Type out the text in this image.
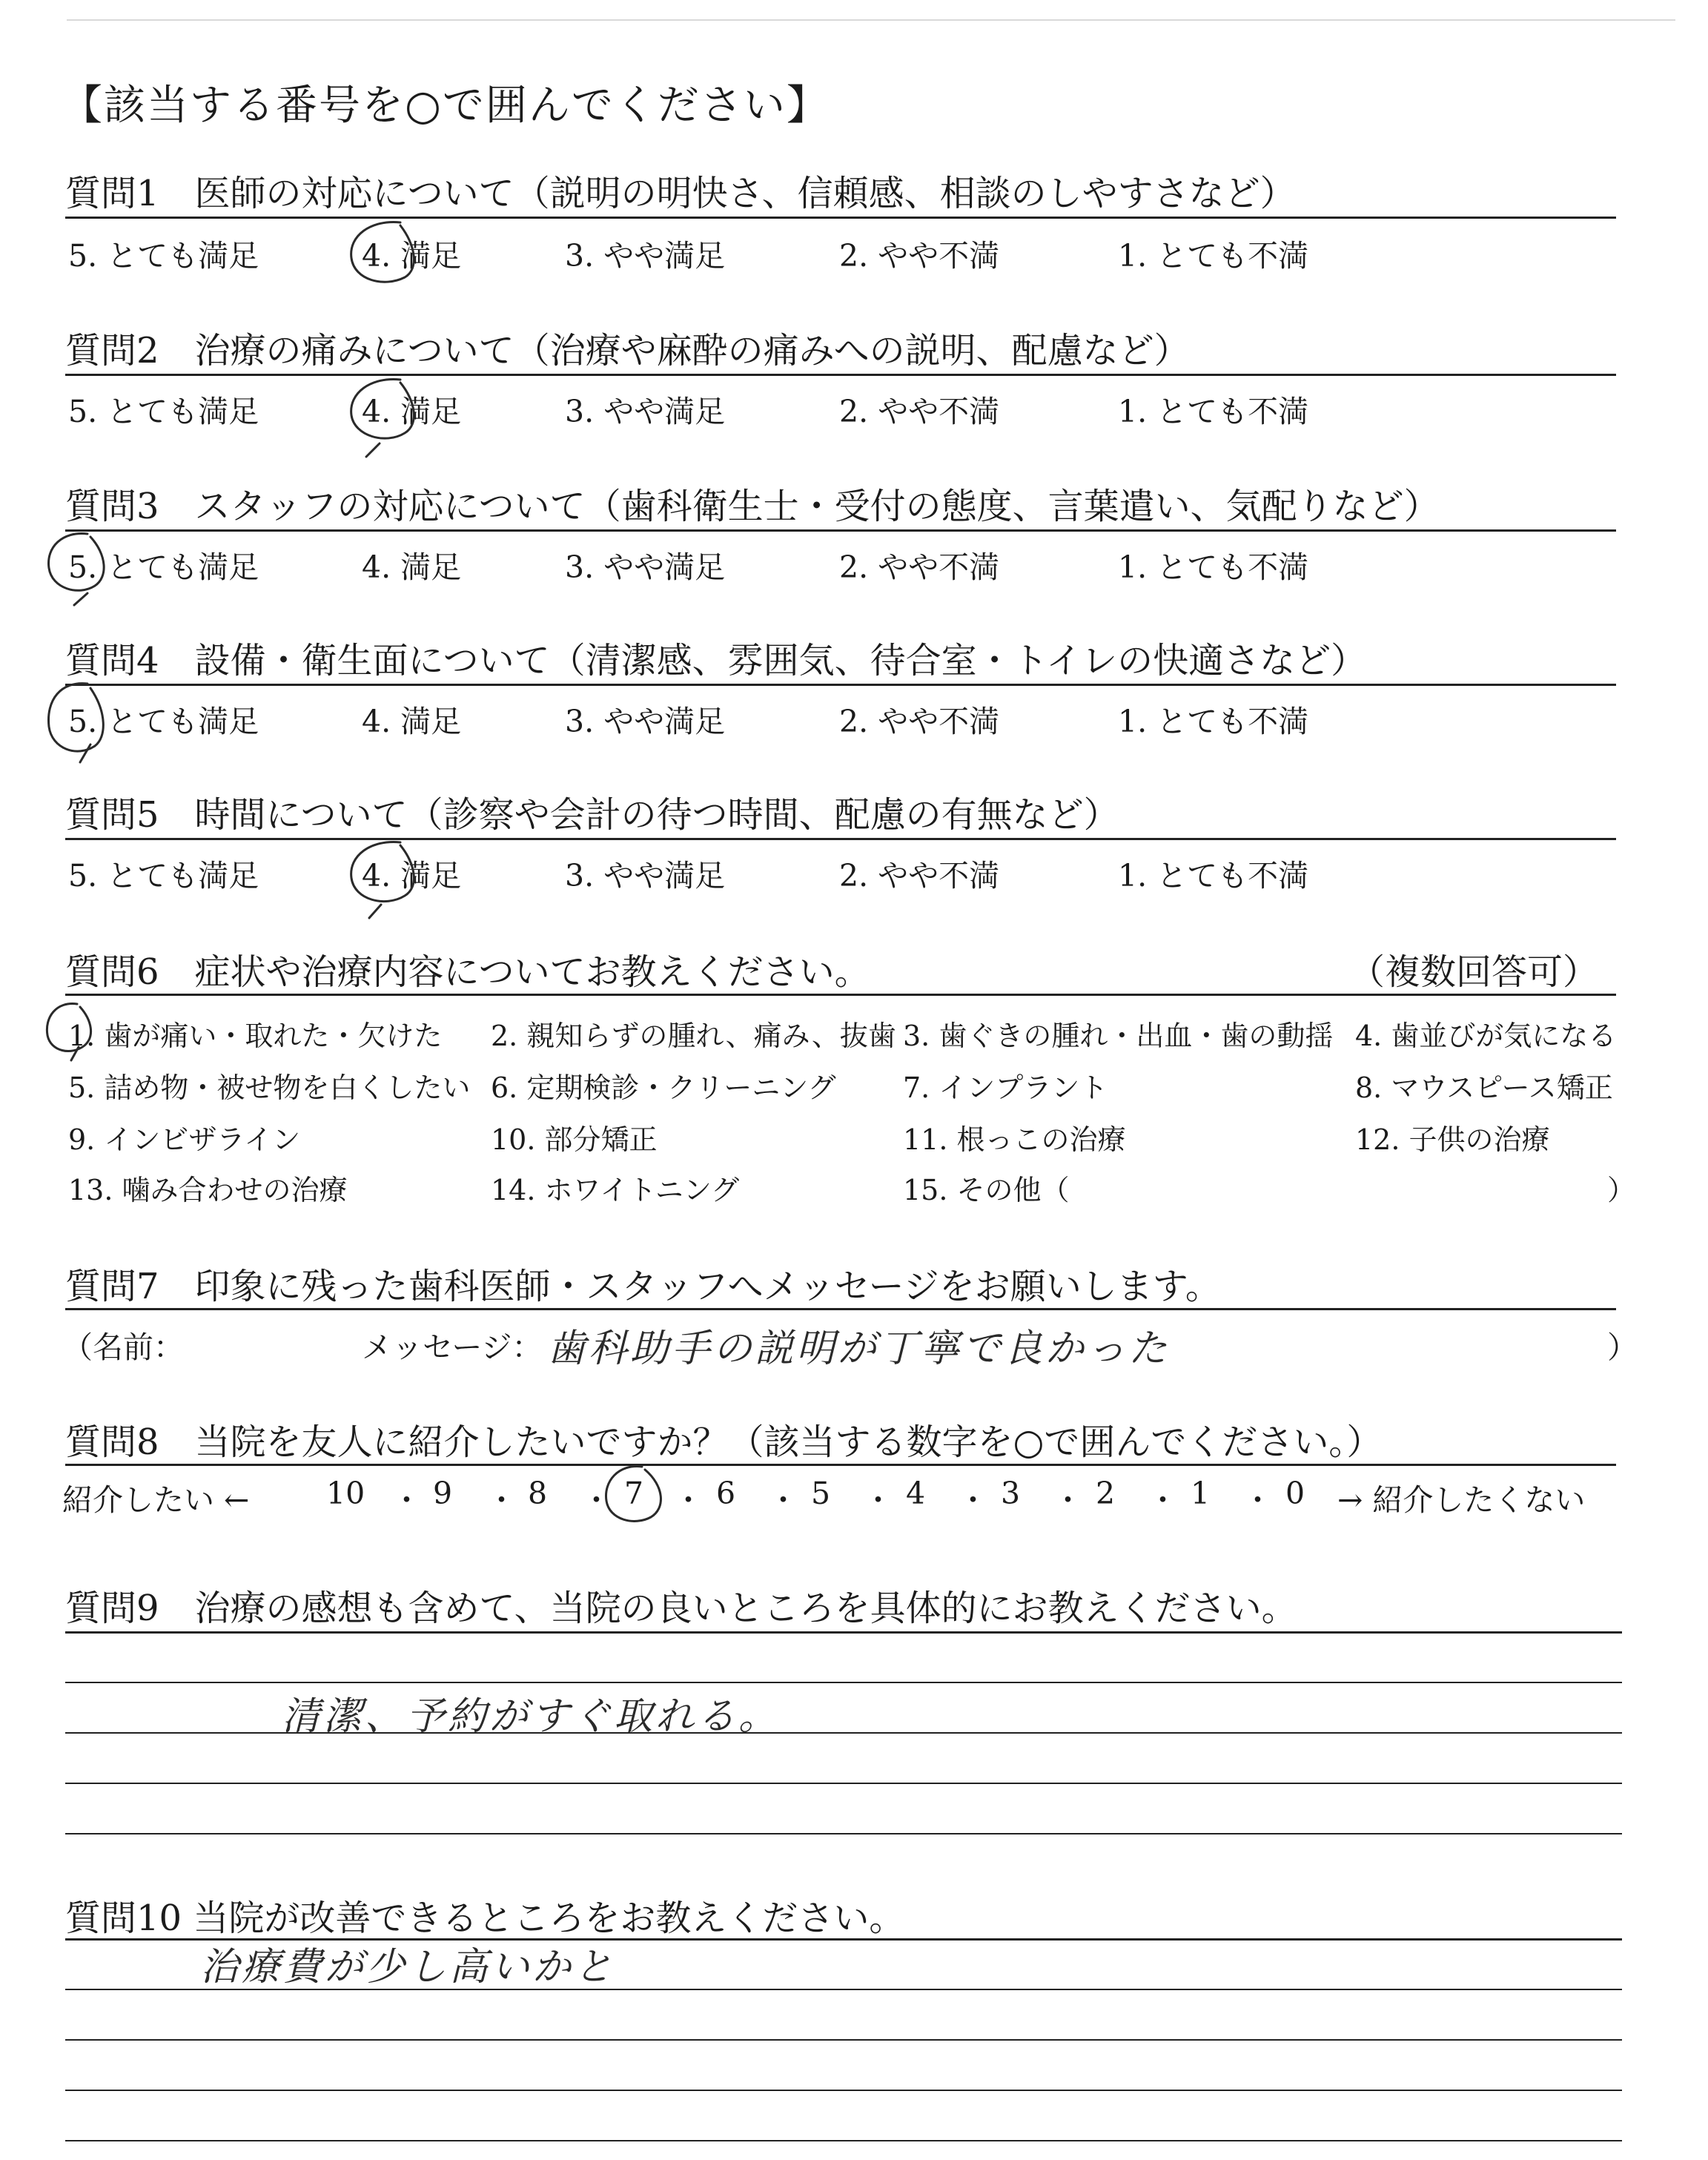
【該当する番号を○で囲んでください】
質問1　医師の対応について（説明の明快さ、信頼感、相談のしやすさなど）
5. とても満足	4. 満足	3. やや満足	2. やや不満	1. とても不満
質問2　治療の痛みについて（治療や麻酔の痛みへの説明、配慮など）
5. とても満足	4. 満足	3. やや満足	2. やや不満	1. とても不満
質問3　スタッフの対応について（歯科衛生士・受付の態度、言葉遣い、気配りなど）
5. とても満足	4. 満足	3. やや満足	2. やや不満	1. とても不満
質問4　設備・衛生面について（清潔感、雰囲気、待合室・トイレの快適さなど）
5. とても満足	4. 満足	3. やや満足	2. やや不満	1. とても不満
質問5　時間について（診察や会計の待つ時間、配慮の有無など）
5. とても満足	4. 満足	3. やや満足	2. やや不満	1. とても不満
質問6　症状や治療内容についてお教えください。	（複数回答可）
1. 歯が痛い・取れた・欠けた 2. 親知らずの腫れ、痛み、抜歯 3. 歯ぐきの腫れ・出血・歯の動揺 4. 歯並びが気になる
5. 詰め物・被せ物を白くしたい 6. 定期検診・クリーニング 7. インプラント	8. マウスピース矯正
9. インビザライン	10. 部分矯正	11. 根っこの治療	12. 子供の治療
13. 噛み合わせの治療	14. ホワイトニング	15. その他（	）
質問7　印象に残った歯科医師・スタッフへメッセージをお願いします。
（名前：	メッセージ： 歯科助手の説明が丁寧で良かった	）
質問8　当院を友人に紹介したいですか？（該当する数字を○で囲んでください。）
紹介したい ←	10 ・ 9 ・ 8 ・ 7 ・ 6 ・ 5 ・ 4 ・ 3 ・ 2 ・ 1 ・ 0 → 紹介したくない
質問9　治療の感想も含めて、当院の良いところを具体的にお教えください。
清潔、予約がすぐ取れる。
質問10 当院が改善できるところをお教えください。
治療費が少し高いかと
